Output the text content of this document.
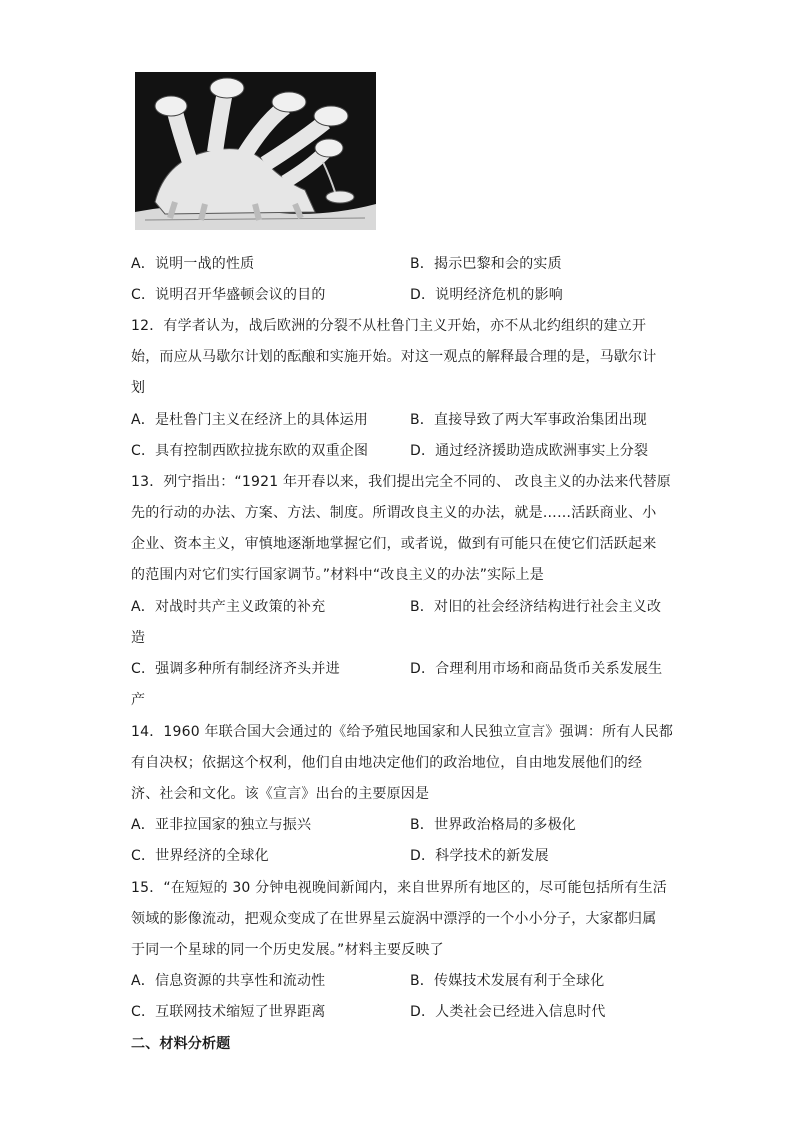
A．说明一战的性质	B．揭示巴黎和会的实质
C．说明召开华盛顿会议的目的	D．说明经济危机的影响
12．有学者认为，战后欧洲的分裂不从杜鲁门主义开始，亦不从北约组织的建立开
始，而应从马歇尔计划的酝酿和实施开始。对这一观点的解释最合理的是，马歇尔计
划
A．是杜鲁门主义在经济上的具体运用	B．直接导致了两大军事政治集团出现
C．具有控制西欧拉拢东欧的双重企图	D．通过经济援助造成欧洲事实上分裂
13．列宁指出：“1921 年开春以来，我们提出完全不同的、 改良主义的办法来代替原
先的行动的办法、方案、方法、制度。所谓改良主义的办法，就是……活跃商业、小
企业、资本主义，审慎地逐渐地掌握它们，或者说，做到有可能只在使它们活跃起来
的范围内对它们实行国家调节。”材料中“改良主义的办法”实际上是
A．对战时共产主义政策的补充	B．对旧的社会经济结构进行社会主义改
造
C．强调多种所有制经济齐头并进	D．合理利用市场和商品货币关系发展生
产
14．1960 年联合国大会通过的《给予殖民地国家和人民独立宣言》强调：所有人民都
有自决权；依据这个权利，他们自由地决定他们的政治地位，自由地发展他们的经
济、社会和文化。该《宣言》出台的主要原因是
A．亚非拉国家的独立与振兴	B．世界政治格局的多极化
C．世界经济的全球化	D．科学技术的新发展
15．“在短短的 30 分钟电视晚间新闻内，来自世界所有地区的，尽可能包括所有生活
领域的影像流动，把观众变成了在世界星云旋涡中漂浮的一个小小分子，大家都归属
于同一个星球的同一个历史发展。”材料主要反映了
A．信息资源的共享性和流动性	B．传媒技术发展有利于全球化
C．互联网技术缩短了世界距离	D．人类社会已经进入信息时代
二、材料分析题
